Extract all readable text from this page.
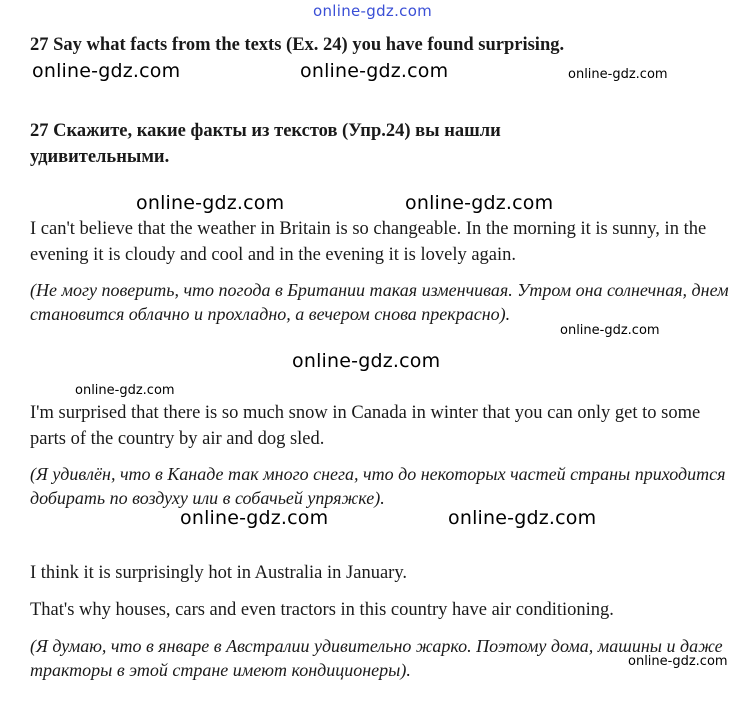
online-gdz.com
27 Say what facts from the texts (Ex. 24) you have found surprising.
online-gdz.com	online-gdz.com	online-gdz.com
27 Скажите, какие факты из текстов (Упр.24) вы нашли удивительными.
online-gdz.com	online-gdz.com
I can't believe that the weather in Britain is so changeable. In the morning it is sunny, in the evening it is cloudy and cool and in the evening it is lovely again.
(Не могу поверить, что погода в Британии такая изменчивая. Утром она солнечная, днем становится облачно и прохладно, а вечером снова прекрасно).
online-gdz.com
online-gdz.com
online-gdz.com
I'm surprised that there is so much snow in Canada in winter that you can only get to some parts of the country by air and dog sled.
(Я удивлён, что в Канаде так много снега, что до некоторых частей страны приходится добирать по воздуху или в собачьей упряжке).
online-gdz.com	online-gdz.com
I think it is surprisingly hot in Australia in January.
That's why houses, cars and even tractors in this country have air conditioning.
(Я думаю, что в январе в Австралии удивительно жарко. Поэтому дома, машины и даже тракторы в этой стране имеют кондиционеры).	online-gdz.com
